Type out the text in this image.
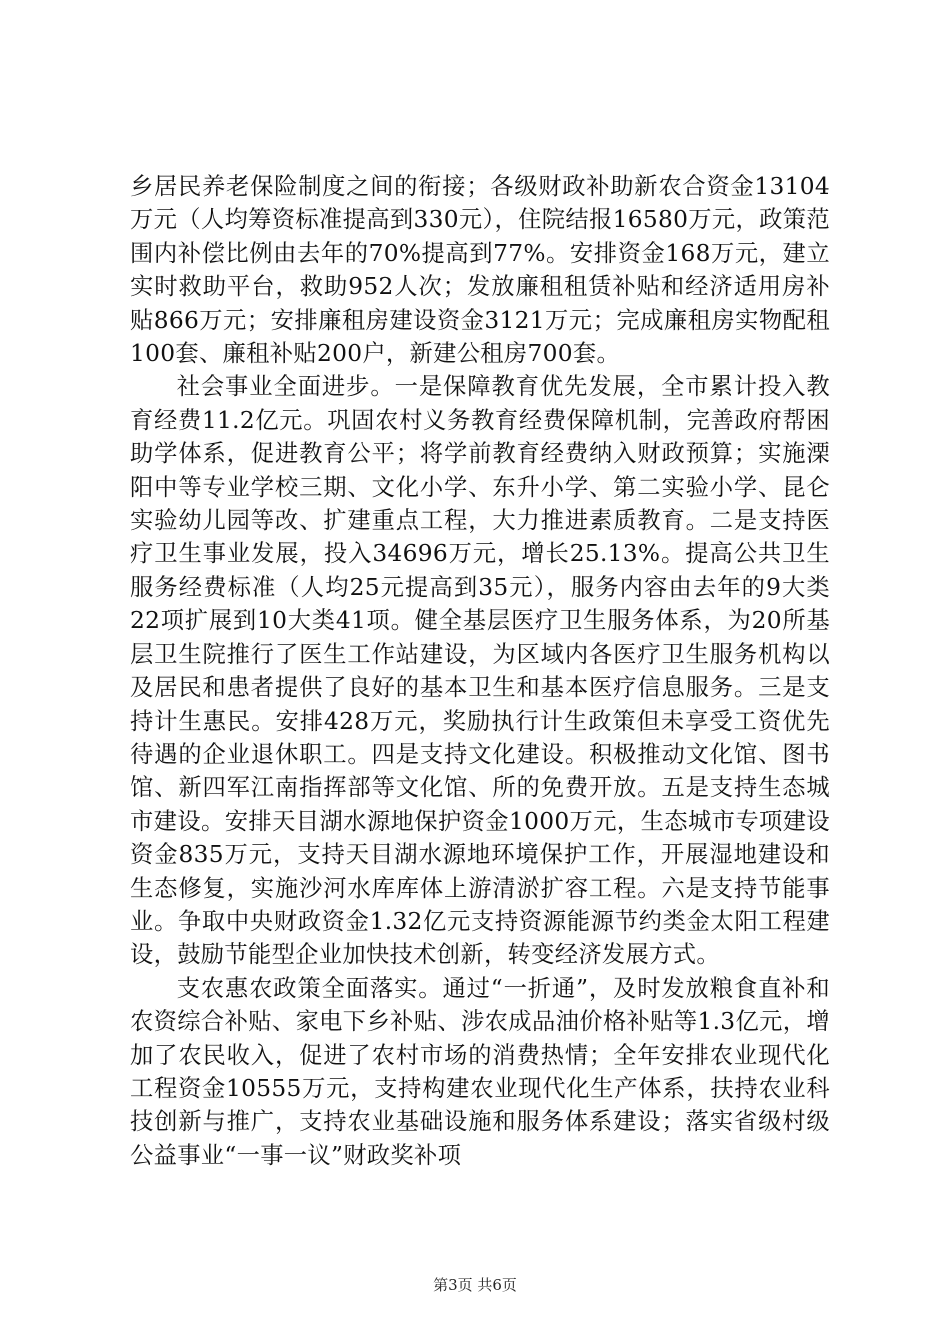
乡居民养老保险制度之间的衔接；各级财政补助新农合资金13104万元（人均筹资标准提高到330元），住院结报16580万元，政策范围内补偿比例由去年的70%提高到77%。安排资金168万元，建立实时救助平台，救助952人次；发放廉租租赁补贴和经济适用房补贴866万元；安排廉租房建设资金3121万元；完成廉租房实物配租100套、廉租补贴200户，新建公租房700套。

社会事业全面进步。一是保障教育优先发展，全市累计投入教育经费11.2亿元。巩固农村义务教育经费保障机制，完善政府帮困助学体系，促进教育公平；将学前教育经费纳入财政预算；实施溧阳中等专业学校三期、文化小学、东升小学、第二实验小学、昆仑实验幼儿园等改、扩建重点工程，大力推进素质教育。二是支持医疗卫生事业发展，投入34696万元，增长25.13%。提高公共卫生服务经费标准（人均25元提高到35元），服务内容由去年的9大类22项扩展到10大类41项。健全基层医疗卫生服务体系，为20所基层卫生院推行了医生工作站建设，为区域内各医疗卫生服务机构以及居民和患者提供了良好的基本卫生和基本医疗信息服务。三是支持计生惠民。安排428万元，奖励执行计生政策但未享受工资优先待遇的企业退休职工。四是支持文化建设。积极推动文化馆、图书馆、新四军江南指挥部等文化馆、所的免费开放。五是支持生态城市建设。安排天目湖水源地保护资金1000万元，生态城市专项建设资金835万元，支持天目湖水源地环境保护工作，开展湿地建设和生态修复，实施沙河水库库体上游清淤扩容工程。六是支持节能事业。争取中央财政资金1.32亿元支持资源能源节约类金太阳工程建设，鼓励节能型企业加快技术创新，转变经济发展方式。

支农惠农政策全面落实。通过“一折通”，及时发放粮食直补和农资综合补贴、家电下乡补贴、涉农成品油价格补贴等1.3亿元，增加了农民收入，促进了农村市场的消费热情；全年安排农业现代化工程资金10555万元，支持构建农业现代化生产体系，扶持农业科技创新与推广，支持农业基础设施和服务体系建设；落实省级村级公益事业“一事一议”财政奖补项

第3页 共6页
